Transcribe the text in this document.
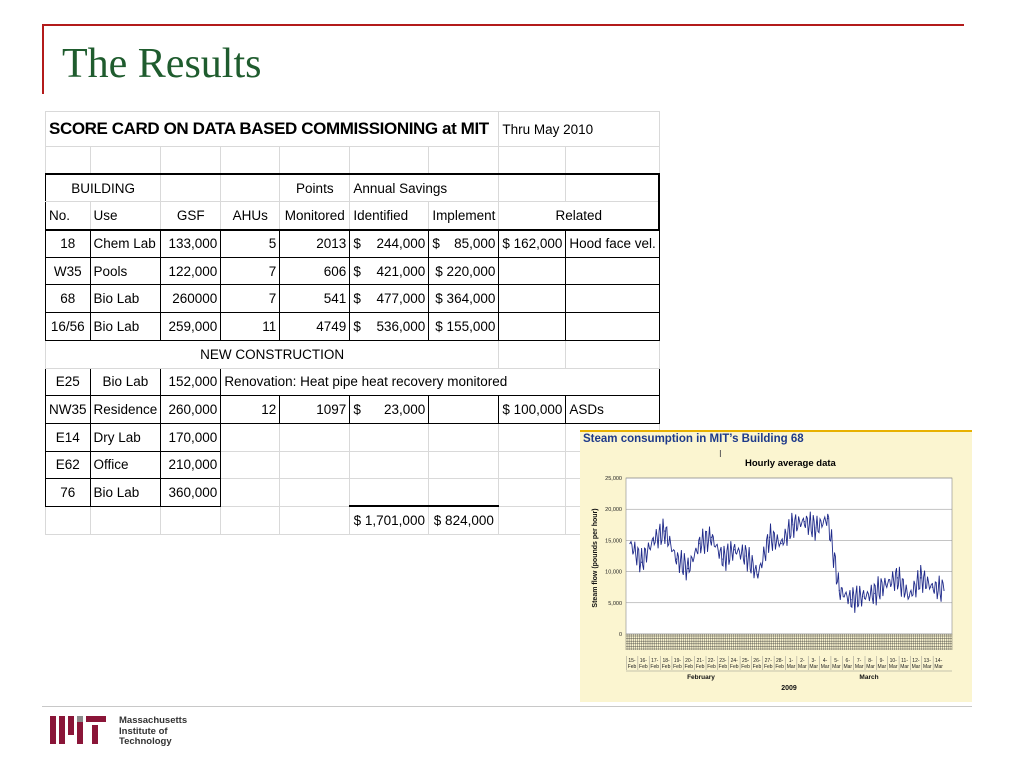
The Results
SCORE CARD ON DATA BASED COMMISSIONING at MIT							Thru May 2010	

BUILDING				Points	Annual Savings			
No.	Use	GSF	AHUs	Monitored	Identified	Implement	Related	
18	Chem Lab	133,000	5	2013	$ 244,000	$ 85,000	$ 162,000	Hood face vel.
W35	Pools	122,000	7	606	$ 421,000	$ 220,000		
68	Bio Lab	260000	7	541	$ 477,000	$ 364,000		
16/56	Bio Lab	259,000	11	4749	$ 536,000	$ 155,000		
NEW CONSTRUCTION								
E25	Bio Lab	152,000	Renovation: Heat pipe heat recovery monitored					
NW35	Residence	260,000	12	1097	$ 23,000		$ 100,000	ASDs
E14	Dry Lab	170,000						
E62	Office	210,000						
76	Bio Lab	360,000						
					$ 1,701,000	$ 824,000		
Steam consumption in MIT’s Building 68
Hourly average data
I
0
5,000
10,000
15,000
20,000
25,000
Steam flow (pounds per hour)
15-
Feb
16-
Feb
17-
Feb
18-
Feb
19-
Feb
20-
Feb
21-
Feb
22-
Feb
23-
Feb
24-
Feb
25-
Feb
26-
Feb
27-
Feb
28-
Feb
1-
Mar
2-
Mar
3-
Mar
4-
Mar
5-
Mar
6-
Mar
7-
Mar
8-
Mar
9-
Mar
10-
Mar
11-
Mar
12-
Mar
13-
Mar
14-
Mar
February	March
2009
Massachusetts
Institute of
Technology
